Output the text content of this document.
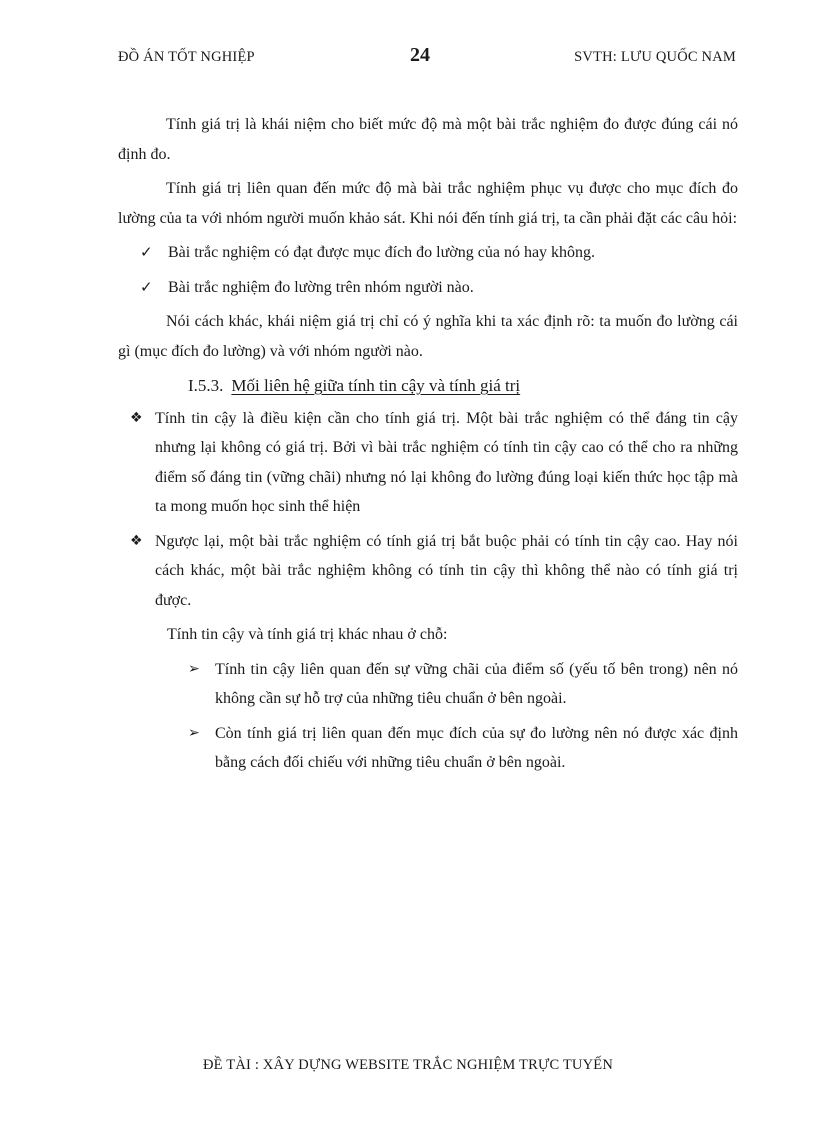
ĐỒ ÁN TỐT NGHIỆP	24	SVTH: LƯU QUỐC NAM

Tính giá trị là khái niệm cho biết mức độ mà một bài trắc nghiệm đo được đúng cái nó định đo.

Tính giá trị liên quan đến mức độ mà bài trắc nghiệm phục vụ được cho mục đích đo lường của ta với nhóm người muốn khảo sát. Khi nói đến tính giá trị, ta cần phải đặt các câu hỏi:

✓ Bài trắc nghiệm có đạt được mục đích đo lường của nó hay không.
✓ Bài trắc nghiệm đo lường trên nhóm người nào.

Nói cách khác, khái niệm giá trị chỉ có ý nghĩa khi ta xác định rõ: ta muốn đo lường cái gì (mục đích đo lường) và với nhóm người nào.

I.5.3. Mối liên hệ giữa tính tin cậy và tính giá trị
❖ Tính tin cậy là điều kiện cần cho tính giá trị. Một bài trắc nghiệm có thể đáng tin cậy nhưng lại không có giá trị. Bởi vì bài trắc nghiệm có tính tin cậy cao có thể cho ra những điểm số đáng tin (vững chãi) nhưng nó lại không đo lường đúng loại kiến thức học tập mà ta mong muốn học sinh thể hiện
❖ Ngược lại, một bài trắc nghiệm có tính giá trị bắt buộc phải có tính tin cậy cao. Hay nói cách khác, một bài trắc nghiệm không có tính tin cậy thì không thể nào có tính giá trị được.

Tính tin cậy và tính giá trị khác nhau ở chỗ:

➢ Tính tin cậy liên quan đến sự vững chãi của điểm số (yếu tố bên trong) nên nó không cần sự hỗ trợ của những tiêu chuẩn ở bên ngoài.
➢ Còn tính giá trị liên quan đến mục đích của sự đo lường nên nó được xác định bằng cách đối chiếu với những tiêu chuẩn ở bên ngoài.
ĐỀ TÀI : XÂY DỰNG WEBSITE TRẮC NGHIỆM TRỰC TUYẾN
